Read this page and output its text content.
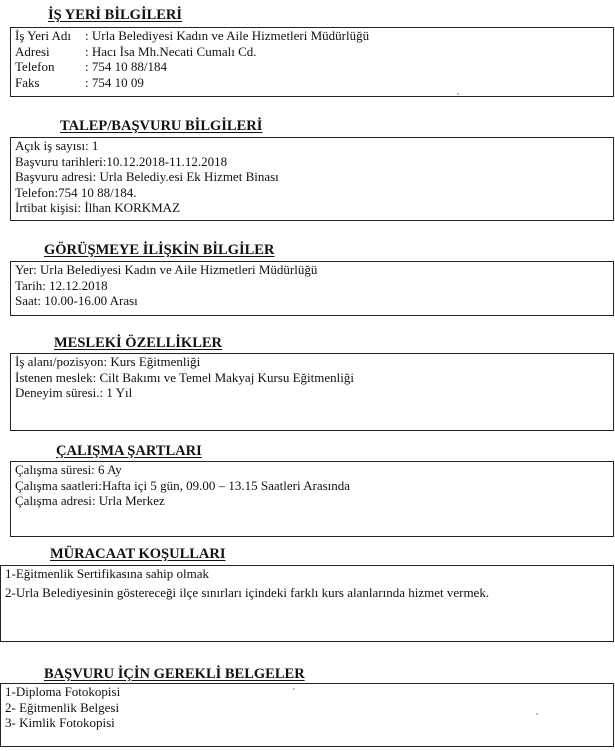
İŞ YERİ BİLGİLERİ
İş Yeri Adı	: Urla Belediyesi Kadın ve Aile Hizmetleri Müdürlüğü
Adresi	: Hacı İsa Mh.Necati Cumalı Cd.
Telefon	: 754 10 88/184
Faks	: 754 10 09
TALEP/BAŞVURU BİLGİLERİ
Açık iş sayısı: 1
Başvuru tarihleri:10.12.2018-11.12.2018
Başvuru adresi: Urla Belediy.esi Ek Hizmet Binası
Telefon:754 10 88/184.
İrtibat kişisi: İlhan KORKMAZ
GÖRÜŞMEYE İLİŞKİN BİLGİLER
Yer: Urla Belediyesi Kadın ve Aile Hizmetleri Müdürlüğü
Tarih: 12.12.2018
Saat: 10.00-16.00 Arası
MESLEKİ ÖZELLİKLER
İş alanı/pozisyon: Kurs Eğitmenliği
İstenen meslek: Cilt Bakımı ve Temel Makyaj Kursu Eğitmenliği
Deneyim süresi.: 1 Yıl
ÇALIŞMA ŞARTLARI
Çalışma süresi: 6 Ay
Çalışma saatleri:Hafta içi 5 gün, 09.00 – 13.15 Saatleri Arasında
Çalışma adresi: Urla Merkez
MÜRACAAT KOŞULLARI
1-Eğitmenlik Sertifikasına sahip olmak
2-Urla Belediyesinin göstereceği ilçe sınırları içindeki farklı kurs alanlarında hizmet vermek.
BAŞVURU İÇİN GEREKLİ BELGELER
1-Diploma Fotokopisi
2- Eğitmenlik Belgesi
3- Kimlik Fotokopisi
